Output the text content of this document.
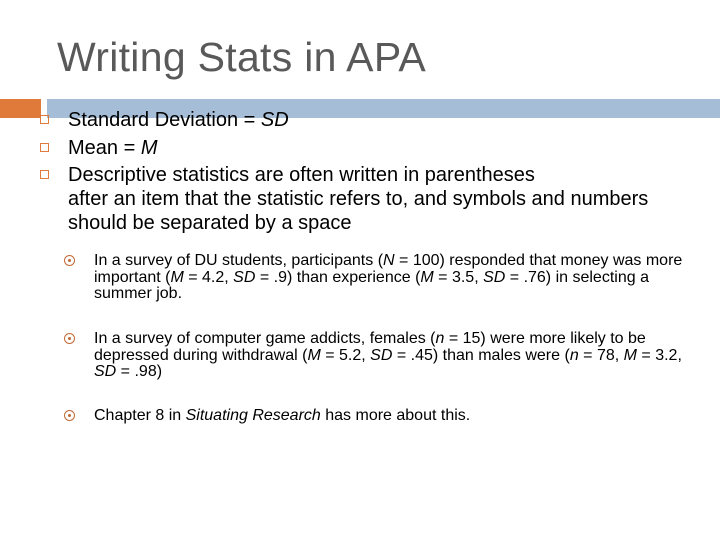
Writing Stats in APA
Standard Deviation = SD
Mean = M
Descriptive statistics are often written in parentheses
after an item that the statistic refers to, and symbols and numbers should be separated by a space
In a survey of DU students, participants (N = 100) responded that money was more important (M = 4.2, SD = .9) than experience (M = 3.5, SD = .76) in selecting a summer job.
In a survey of computer game addicts, females (n = 15) were more likely to be depressed during withdrawal (M = 5.2, SD = .45) than males were (n = 78, M = 3.2, SD = .98)
Chapter 8 in Situating Research has more about this.
